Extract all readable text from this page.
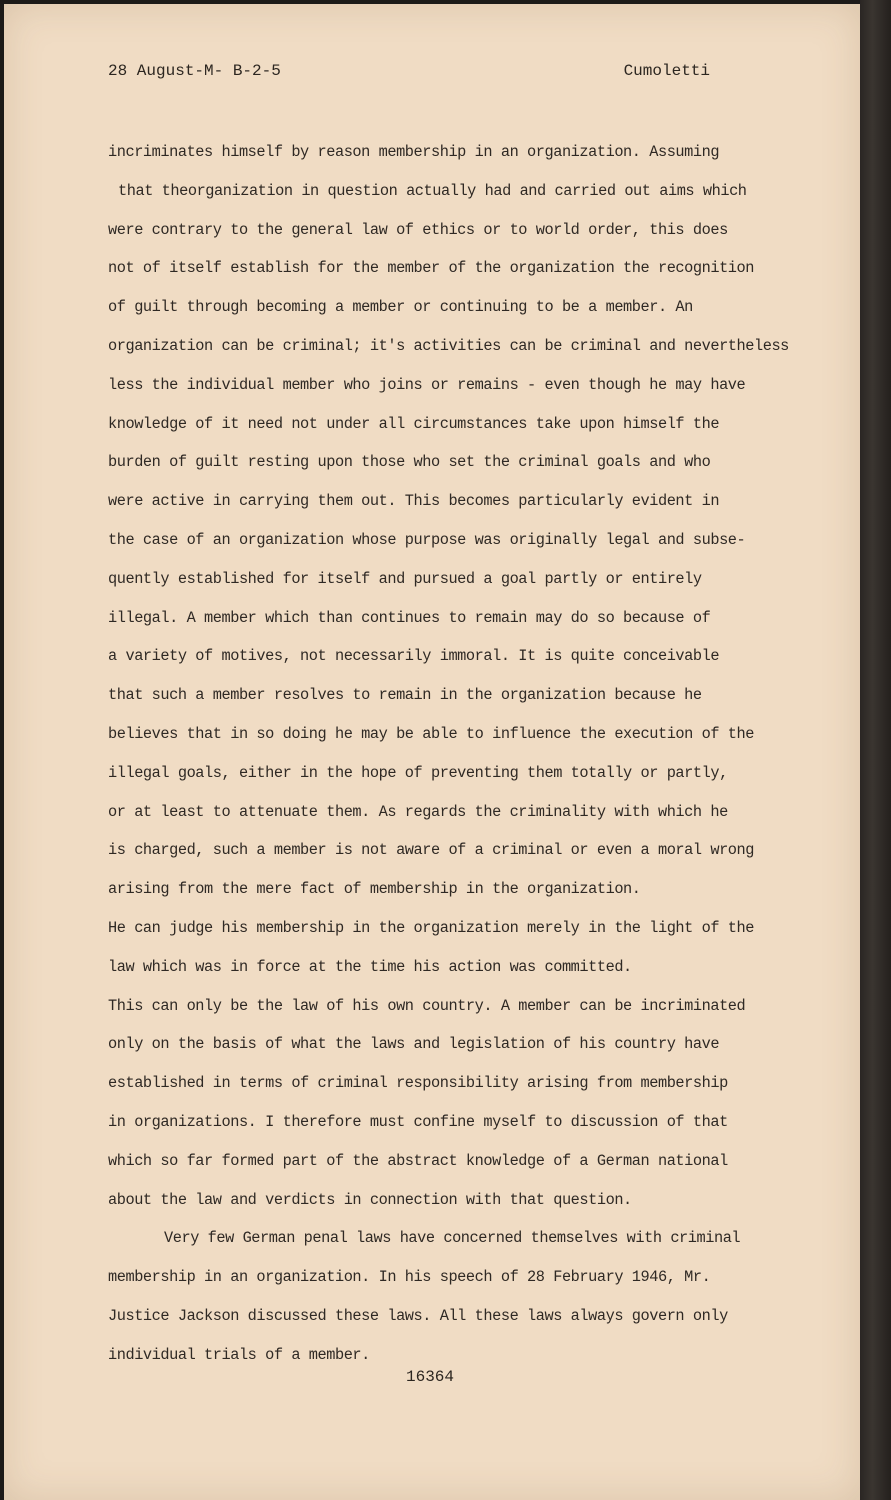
28 August-M- B-2-5	Cumoletti
incriminates himself by reason membership in an organization. Assuming
that theorganization in question actually had and carried out aims which
were contrary to the general law of ethics or to world order, this does
not of itself establish for the member of the organization the recognition
of guilt through becoming a member or continuing to be a member. An
organization can be criminal; it's activities can be criminal and nevertheless
less the individual member who joins or remains - even though he may have
knowledge of it need not under all circumstances take upon himself the
burden of guilt resting upon those who set the criminal goals and who
were active in carrying them out. This becomes particularly evident in
the case of an organization whose purpose was originally legal and subse-
quently established for itself and pursued a goal partly or entirely
illegal. A member which than continues to remain may do so because of
a variety of motives, not necessarily immoral. It is quite conceivable
that such a member resolves to remain in the organization because he
believes that in so doing he may be able to influence the execution of the
illegal goals, either in the hope of preventing them totally or partly,
or at least to attenuate them. As regards the criminality with which he
is charged, such a member is not aware of a criminal or even a moral wrong
arising from the mere fact of membership in the organization.
He can judge his membership in the organization merely in the light of the
law which was in force at the time his action was committed.
This can only be the law of his own country. A member can be incriminated
only on the basis of what the laws and legislation of his country have
established in terms of criminal responsibility arising from membership
in organizations. I therefore must confine myself to discussion of that
which so far formed part of the abstract knowledge of a German national
about the law and verdicts in connection with that question.
Very few German penal laws have concerned themselves with criminal
membership in an organization. In his speech of 28 February 1946, Mr.
Justice Jackson discussed these laws. All these laws always govern only
individual trials of a member.
16364
